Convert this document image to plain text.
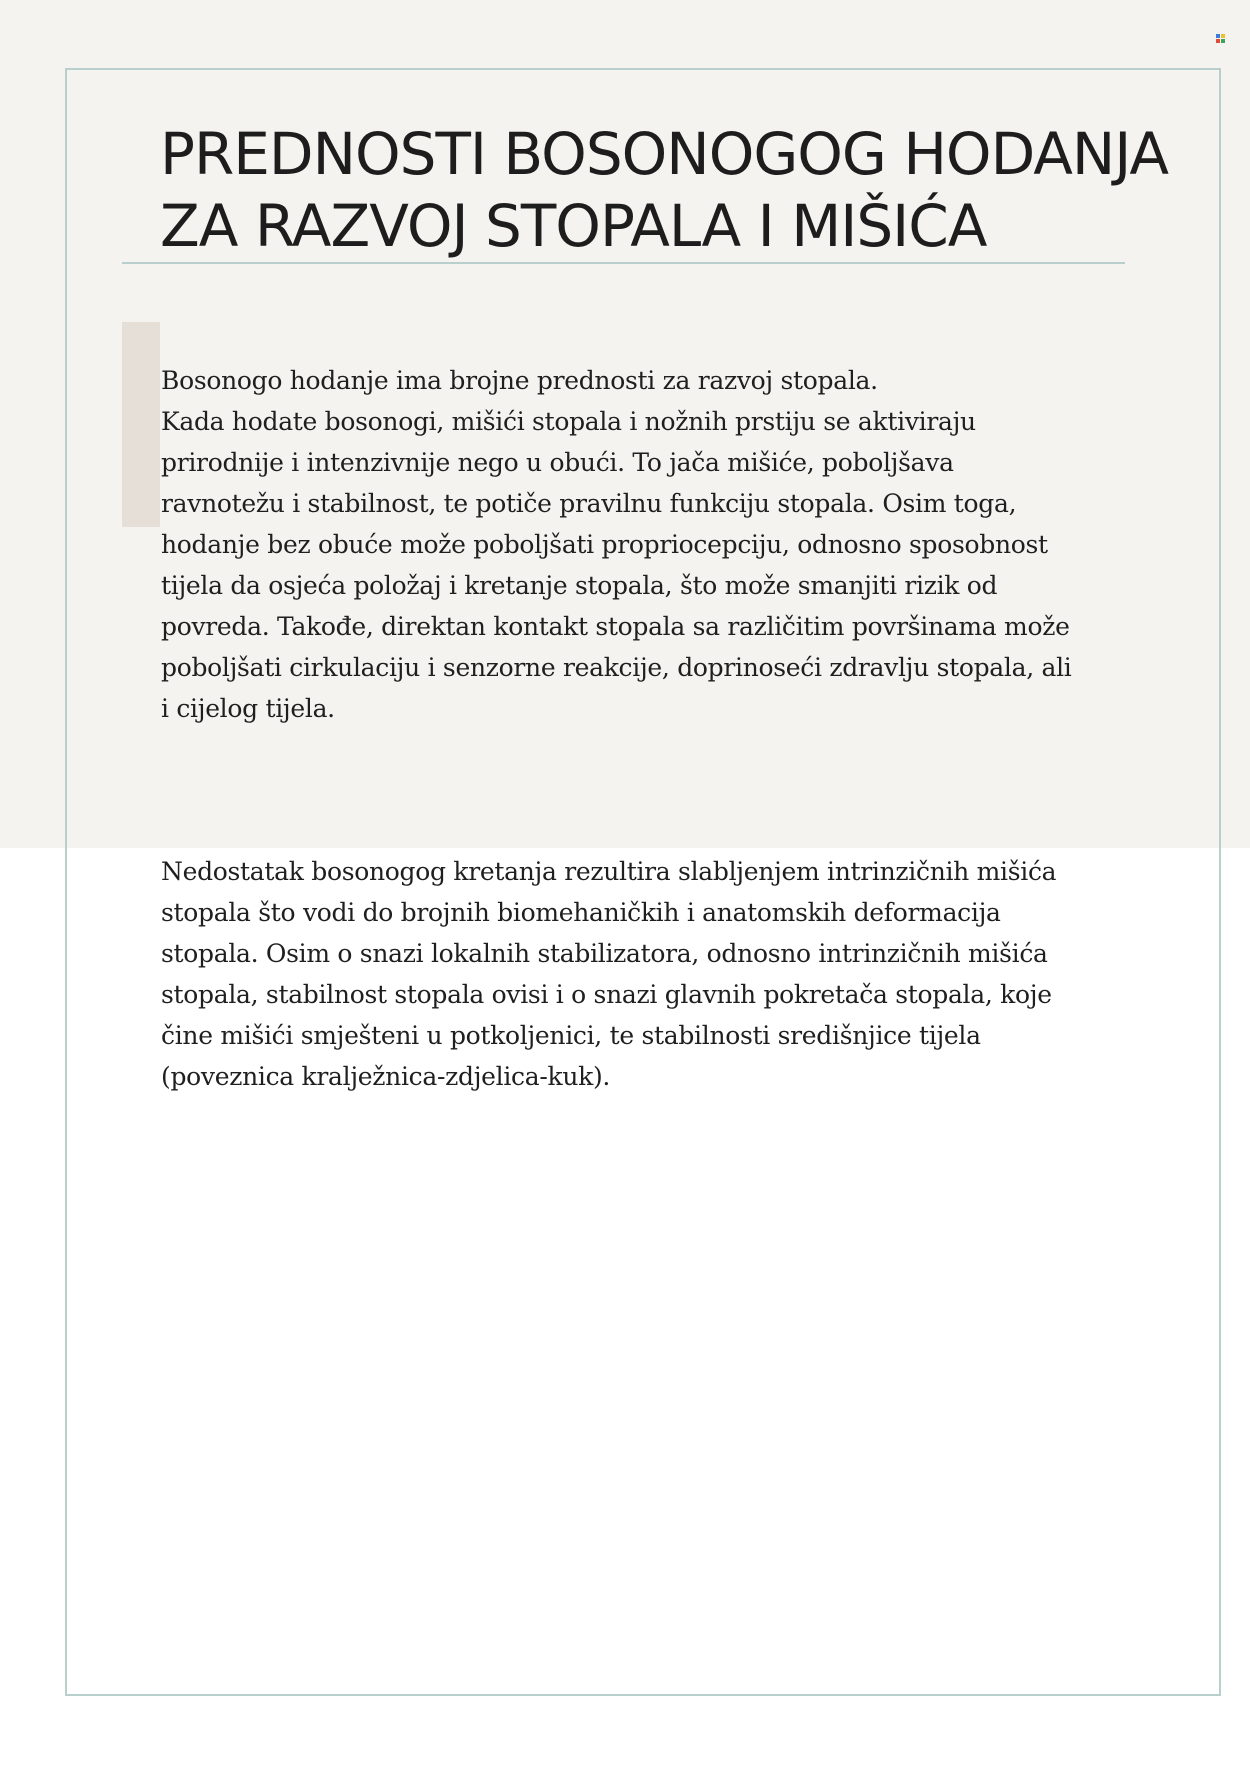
PREDNOSTI BOSONOGOG HODANJA
ZA RAZVOJ STOPALA I MIŠIĆA

Bosonogo hodanje ima brojne prednosti za razvoj stopala.
Kada hodate bosonogi, mišići stopala i nožnih prstiju se aktiviraju
prirodnije i intenzivnije nego u obući. To jača mišiće, poboljšava
ravnotežu i stabilnost, te potiče pravilnu funkciju stopala. Osim toga,
hodanje bez obuće može poboljšati propriocepciju, odnosno sposobnost
tijela da osjeća položaj i kretanje stopala, što može smanjiti rizik od
povreda. Takođe, direktan kontakt stopala sa različitim površinama može
poboljšati cirkulaciju i senzorne reakcije, doprinoseći zdravlju stopala, ali
i cijelog tijela.

Nedostatak bosonogog kretanja rezultira slabljenjem intrinzičnih mišića
stopala što vodi do brojnih biomehaničkih i anatomskih deformacija
stopala. Osim o snazi lokalnih stabilizatora, odnosno intrinzičnih mišića
stopala, stabilnost stopala ovisi i o snazi glavnih pokretača stopala, koje
čine mišići smješteni u potkoljenici, te stabilnosti središnjice tijela
(poveznica kralježnica-zdjelica-kuk).
